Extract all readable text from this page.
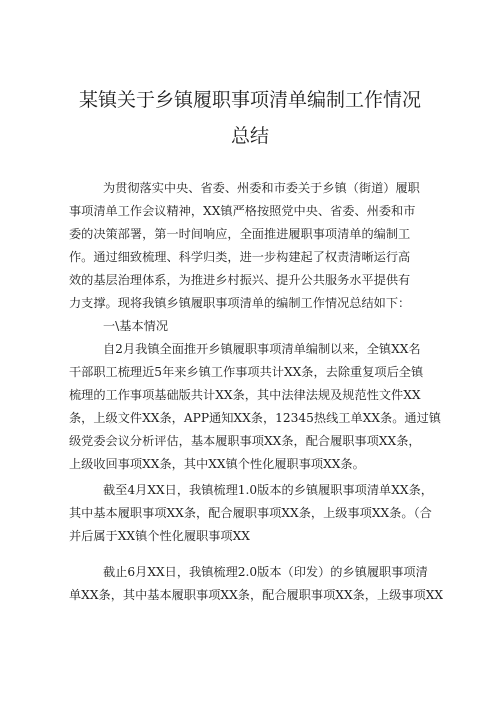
某镇关于乡镇履职事项清单编制工作情况
总结

为贯彻落实中央、省委、州委和市委关于乡镇（街道）履职

事项清单工作会议精神，XX镇严格按照党中央、省委、州委和市

委的决策部署，第一时间响应，全面推进履职事项清单的编制工

作。通过细致梳理、科学归类，进一步构建起了权责清晰运行高

效的基层治理体系，为推进乡村振兴、提升公共服务水平提供有

力支撑。现将我镇乡镇履职事项清单的编制工作情况总结如下：

一\基本情况

自2月我镇全面推开乡镇履职事项清单编制以来，全镇XX名

干部职工梳理近5年来乡镇工作事项共计XX条，去除重复项后全镇

梳理的工作事项基础版共计XX条，其中法律法规及规范性文件XX

条，上级文件XX条，APP通知XX条，12345热线工单XX条。通过镇

级党委会议分析评估，基本履职事项XX条，配合履职事项XX条，

上级收回事项XX条，其中XX镇个性化履职事项XX条。

截至4月XX日，我镇梳理1.0版本的乡镇履职事项清单XX条，

其中基本履职事项XX条，配合履职事项XX条，上级事项XX条。（合

并后属于XX镇个性化履职事项XX

截止6月XX日，我镇梳理2.0版本（印发）的乡镇履职事项清

单XX条，其中基本履职事项XX条，配合履职事项XX条，上级事项XX
